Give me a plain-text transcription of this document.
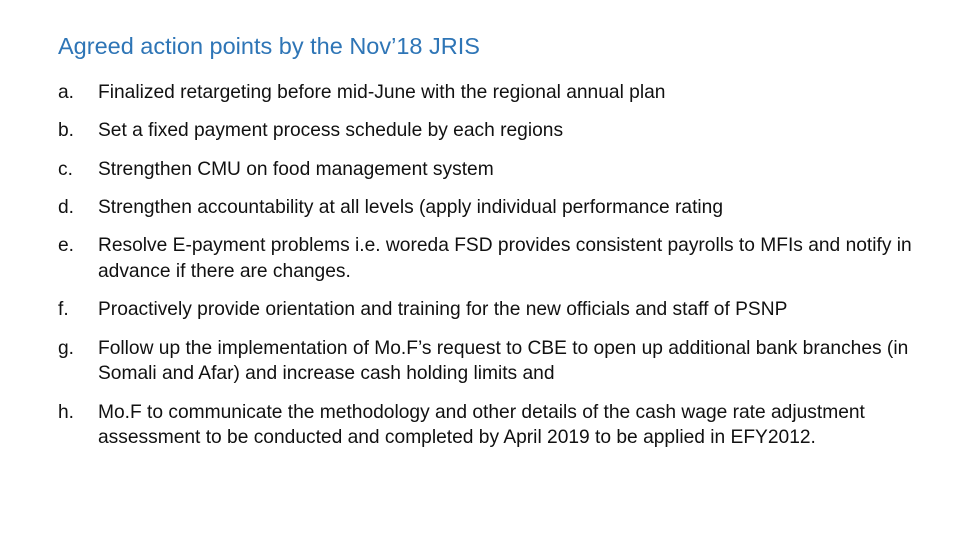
Agreed action points by the Nov’18 JRIS
a.	Finalized retargeting before mid-June with the regional annual plan
b.	Set a fixed payment process schedule by each regions
c.	Strengthen CMU on food management system
d.	Strengthen accountability at all levels (apply individual performance rating
e.	Resolve E-payment problems i.e. woreda FSD provides consistent payrolls to MFIs and notify in advance if there are changes.
f.	Proactively provide orientation and training for the new officials and staff of PSNP
g.	Follow up the implementation of Mo.F’s request to CBE to open up additional bank branches (in Somali and Afar) and increase cash holding limits and
h.	Mo.F to communicate the methodology and other details of the cash wage rate adjustment assessment to be conducted and completed by April 2019 to be applied in EFY2012.
